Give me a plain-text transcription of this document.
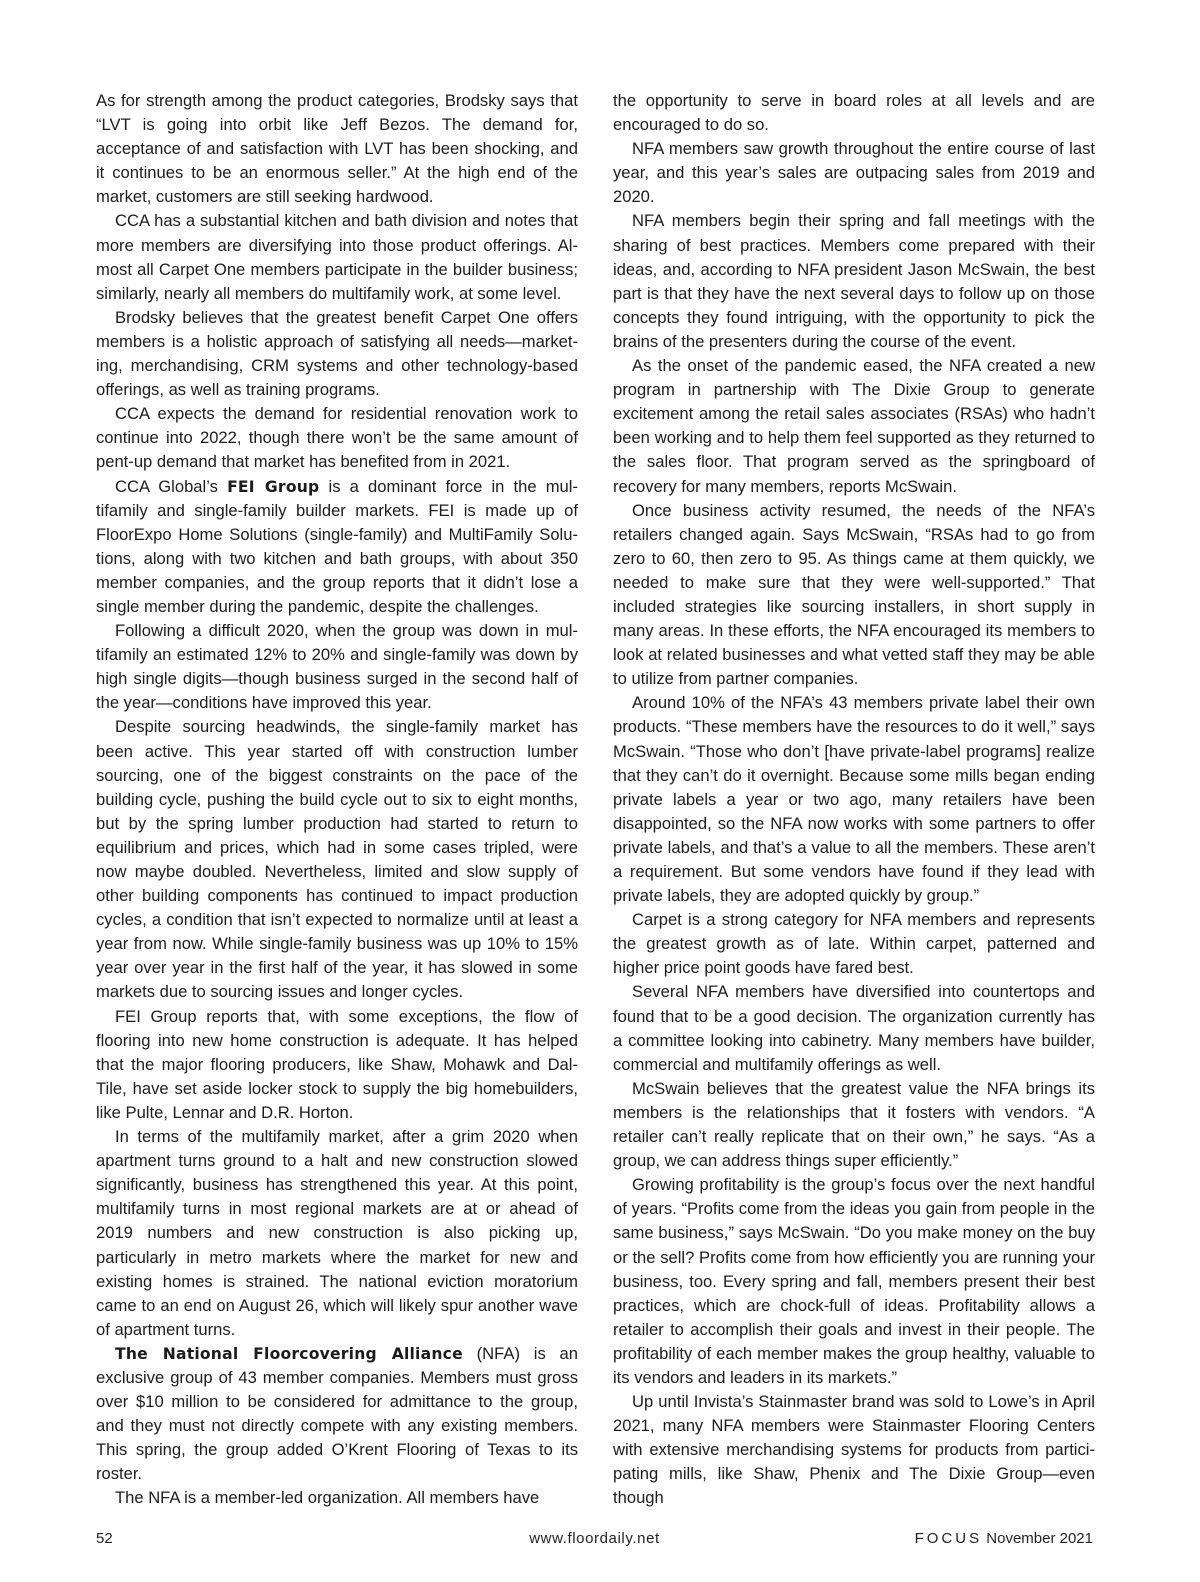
As for strength among the product categories, Brodsky says that “LVT is going into orbit like Jeff Bezos. The demand for, acceptance of and satisfaction with LVT has been shocking, and it continues to be an enormous seller.” At the high end of the market, customers are still seeking hardwood.

CCA has a substantial kitchen and bath division and notes that more members are diversifying into those product offerings. Almost all Carpet One members participate in the builder business; similarly, nearly all members do multifamily work, at some level.

Brodsky believes that the greatest benefit Carpet One offers members is a holistic approach of satisfying all needs—marketing, merchandising, CRM systems and other technology-based offerings, as well as training programs.

CCA expects the demand for residential renovation work to continue into 2022, though there won’t be the same amount of pent-up demand that market has benefited from in 2021.

CCA Global’s FEI Group is a dominant force in the multifamily and single-family builder markets. FEI is made up of FloorExpo Home Solutions (single-family) and MultiFamily Solutions, along with two kitchen and bath groups, with about 350 member companies, and the group reports that it didn’t lose a single member during the pandemic, despite the challenges.

Following a difficult 2020, when the group was down in multifamily an estimated 12% to 20% and single-family was down by high single digits—though business surged in the second half of the year—conditions have improved this year.

Despite sourcing headwinds, the single-family market has been active. This year started off with construction lumber sourcing, one of the biggest constraints on the pace of the building cycle, pushing the build cycle out to six to eight months, but by the spring lumber production had started to return to equilibrium and prices, which had in some cases tripled, were now maybe doubled. Nevertheless, limited and slow supply of other building components has continued to impact production cycles, a condition that isn’t expected to normalize until at least a year from now. While single-family business was up 10% to 15% year over year in the first half of the year, it has slowed in some markets due to sourcing issues and longer cycles.

FEI Group reports that, with some exceptions, the flow of flooring into new home construction is adequate. It has helped that the major flooring producers, like Shaw, Mohawk and Dal-Tile, have set aside locker stock to supply the big homebuilders, like Pulte, Lennar and D.R. Horton.

In terms of the multifamily market, after a grim 2020 when apartment turns ground to a halt and new construction slowed significantly, business has strengthened this year. At this point, multifamily turns in most regional markets are at or ahead of 2019 numbers and new construction is also picking up, particularly in metro markets where the market for new and existing homes is strained. The national eviction moratorium came to an end on August 26, which will likely spur another wave of apartment turns.

The National Floorcovering Alliance (NFA) is an exclusive group of 43 member companies. Members must gross over $10 million to be considered for admittance to the group, and they must not directly compete with any existing members. This spring, the group added O’Krent Flooring of Texas to its roster.

The NFA is a member-led organization. All members have

the opportunity to serve in board roles at all levels and are encouraged to do so.

NFA members saw growth throughout the entire course of last year, and this year’s sales are outpacing sales from 2019 and 2020.

NFA members begin their spring and fall meetings with the sharing of best practices. Members come prepared with their ideas, and, according to NFA president Jason McSwain, the best part is that they have the next several days to follow up on those concepts they found intriguing, with the opportunity to pick the brains of the presenters during the course of the event.

As the onset of the pandemic eased, the NFA created a new program in partnership with The Dixie Group to generate excitement among the retail sales associates (RSAs) who hadn’t been working and to help them feel supported as they returned to the sales floor. That program served as the springboard of recovery for many members, reports McSwain.

Once business activity resumed, the needs of the NFA’s retailers changed again. Says McSwain, “RSAs had to go from zero to 60, then zero to 95. As things came at them quickly, we needed to make sure that they were well-supported.” That included strategies like sourcing installers, in short supply in many areas. In these efforts, the NFA encouraged its members to look at related businesses and what vetted staff they may be able to utilize from partner companies.

Around 10% of the NFA’s 43 members private label their own products. “These members have the resources to do it well,” says McSwain. “Those who don’t [have private-label programs] realize that they can’t do it overnight. Because some mills began ending private labels a year or two ago, many retailers have been disappointed, so the NFA now works with some partners to offer private labels, and that’s a value to all the members. These aren’t a requirement. But some vendors have found if they lead with private labels, they are adopted quickly by group.”

Carpet is a strong category for NFA members and represents the greatest growth as of late. Within carpet, patterned and higher price point goods have fared best.

Several NFA members have diversified into countertops and found that to be a good decision. The organization currently has a committee looking into cabinetry. Many members have builder, commercial and multifamily offerings as well.

McSwain believes that the greatest value the NFA brings its members is the relationships that it fosters with vendors. “A retailer can’t really replicate that on their own,” he says. “As a group, we can address things super efficiently.”

Growing profitability is the group’s focus over the next handful of years. “Profits come from the ideas you gain from people in the same business,” says McSwain. “Do you make money on the buy or the sell? Profits come from how efficiently you are running your business, too. Every spring and fall, members present their best practices, which are chock-full of ideas. Profitability allows a retailer to accomplish their goals and invest in their people. The profitability of each member makes the group healthy, valuable to its vendors and leaders in its markets.”

Up until Invista’s Stainmaster brand was sold to Lowe’s in April 2021, many NFA members were Stainmaster Flooring Centers with extensive merchandising systems for products from participating mills, like Shaw, Phenix and The Dixie Group—even though

52	www.floordaily.net	FOCUS November 2021
